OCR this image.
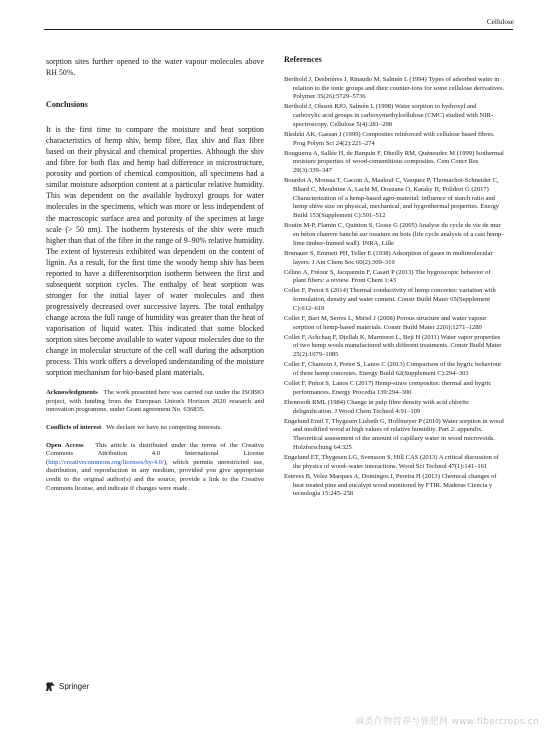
Cellulose

sorption sites further opened to the water vapour molecules above RH 50%.

Conclusions

It is the first time to compare the moisture and heat sorption characteristics of hemp shiv, hemp fibre, flax shiv and flax fibre based on their physical and chemical properties. Although the shiv and fibre for both flax and hemp had difference in microstructure, porosity and portion of chemical composition, all specimens had a similar moisture adsorption content at a particular relative humidity. This was dependent on the available hydroxyl groups for water molecules in the specimens, which was more or less independent of the macroscopic surface area and porosity of the specimen at large scale (> 50 nm). The isotherm hysteresis of the shiv were much higher than that of the fibre in the range of 9–90% relative humidity. The extent of hysteresis exhibited was dependent on the content of lignin. As a result, for the first time the woody hemp shiv has been reported to have a differentsorption isotherm between the first and subsequent sorption cycles. The enthalpy of heat sorption was stronger for the initial layer of water molecules and then progressively decreased over successive layers. The total enthalpy change across the full range of humidity was greater than the heat of vaporisation of liquid water. This indicated that some blocked sorption sites become available to water vapour molecules due to the change in molecular structure of the cell wall during the adsorption process. This work offers a developed understanding of the moisture sorption mechanism for bio-based plant materials.

Acknowledgments The work presented here was carried out under the ISOBIO project, with funding from the European Union's Horizon 2020 research and innovation programme, under Grant agreement No. 636835.

Conflicts of interest We declare we have no competing interests.

Open Access This article is distributed under the terms of the Creative Commons Attribution 4.0 International License (http://creativecommons.org/licenses/by/4.0/), which permits unrestricted use, distribution, and reproduction in any medium, provided you give appropriate credit to the original author(s) and the source, provide a link to the Creative Commons license, and indicate if changes were made.

References

Berthold J, Desbrières J, Rinaudo M, Salmén L (1994) Types of adsorbed water in relation to the ionic groups and their counter-ions for some cellulose derivatives. Polymer 35(26):5729–5736

Berthold J, Olsson RJO, Salmén L (1998) Water sorption to hydroxyl and carboxylic acid groups in carboxymethylcellulose (CMC) studied with NIR-spectroscopy. Cellulose 5(4):281–298

Bledzki AK, Gassan J (1999) Composites reinforced with cellulose based fibres. Prog Polym Sci 24(2):221–274

Bouguerra A, Sallée H, de Barquin F, Dheilly RM, Quéneudec M (1999) Isothermal moisture properties of wood-cementitious composites. Cem Concr Res 29(3):339–347

Bourdot A, Moussa T, Gacoin A, Maalouf C, Vazquez P, Thomachot-Schneider C, Bliard C, Merabtine A, Lachi M, Douzane O, Karaky H, Polidori G (2017) Characterization of a hemp-based agro-material: influence of starch ratio and hemp shive size on physical, mechanical, and hygrothermal properties. Energy Build 153(Supplement C):501–512

Boutin M-P, Flamin C, Quinton S, Gosse G (2005) Analyse du cycle de vie de mur en béton chanvre banché sur ossature en bois (life cycle analysis of a cast hemp-lime timber-framed wall). INRA, Lille

Brunauer S, Emmett PH, Teller E (1938) Adsorption of gases in multimolecular layers. J Am Chem Soc 60(2):309–319

Célino A, Fréour S, Jacquemin F, Casari P (2013) The hygroscopic behavior of plant fibers: a review. Front Chem 1:43

Collet F, Pretot S (2014) Thermal conductivity of hemp concretes: variation with formulation, density and water content. Constr Build Mater 65(Supplement C):612–619

Collet F, Bart M, Serres L, Miriel J (2008) Porous structure and water vapour sorption of hemp-based materials. Constr Build Mater 22(6):1271–1280

Collet F, Achchaq F, Djellab K, Marmoret L, Beji H (2011) Water vapor properties of two hemp wools manufactured with different treatments. Constr Build Mater 25(2):1079–1085

Collet F, Chamoin J, Pretot S, Lanos C (2013) Comparison of the hygric behaviour of three hemp concretes. Energy Build 62(Supplement C):294–303

Collet F, Prétot S, Lanos C (2017) Hemp-straw composites: thermal and hygric performances. Energy Procedia 139:294–300

Ehrnrooth RML (1984) Change in pulp fibre density with acid chlorite delignification. J Wood Chem Technol 4:91–109

Engelund Emil T, Thygesen Lisbeth G, Hoffmeyer P (2010) Water sorption in wood and modified wood at high values of relative humidity. Part 2: appendix. Theoretical assessment of the amount of capillary water in wood microvoids. Holzforschung 64:325

Engelund ET, Thygesen LG, Svensson S, Hill CAS (2013) A critical discussion of the physics of wood–water interactions. Wood Sci Technol 47(1):141–161

Esteves B, Velez Marques A, Domingos I, Pereira H (2013) Chemical changes of heat treated pine and eucalypt wood monitored by FTIR. Maderas Ciencia y tecnología 15:245–258

Springer
麻类作物营养与施肥网 www.fibercrops.cn
